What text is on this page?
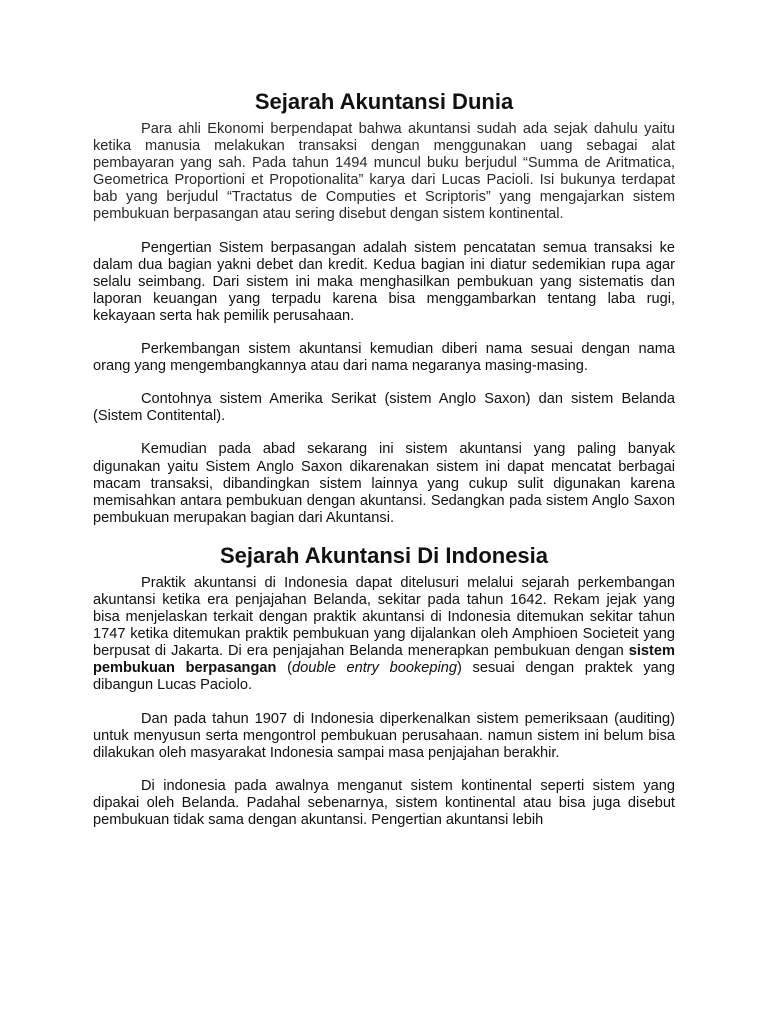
Sejarah Akuntansi Dunia

Para ahli Ekonomi berpendapat bahwa akuntansi sudah ada sejak dahulu yaitu ketika manusia melakukan transaksi dengan menggunakan uang sebagai alat pembayaran yang sah. Pada tahun 1494 muncul buku berjudul “Summa de Aritmatica, Geometrica Proportioni et Propotionalita” karya dari Lucas Pacioli. Isi bukunya terdapat bab yang berjudul “Tractatus de Computies et Scriptoris” yang mengajarkan sistem pembukuan berpasangan atau sering disebut dengan sistem kontinental.

Pengertian Sistem berpasangan adalah sistem pencatatan semua transaksi ke dalam dua bagian yakni debet dan kredit. Kedua bagian ini diatur sedemikian rupa agar selalu seimbang. Dari sistem ini maka menghasilkan pembukuan yang sistematis dan laporan keuangan yang terpadu karena bisa menggambarkan tentang laba rugi, kekayaan serta hak pemilik perusahaan.

Perkembangan sistem akuntansi kemudian diberi nama sesuai dengan nama orang yang mengembangkannya atau dari nama negaranya masing-masing.

Contohnya sistem Amerika Serikat (sistem Anglo Saxon) dan sistem Belanda (Sistem Contitental).

Kemudian pada abad sekarang ini sistem akuntansi yang paling banyak digunakan yaitu Sistem Anglo Saxon dikarenakan sistem ini dapat mencatat berbagai macam transaksi, dibandingkan sistem lainnya yang cukup sulit digunakan karena memisahkan antara pembukuan dengan akuntansi. Sedangkan pada sistem Anglo Saxon pembukuan merupakan bagian dari Akuntansi.

Sejarah Akuntansi Di Indonesia

Praktik akuntansi di Indonesia dapat ditelusuri melalui sejarah perkembangan akuntansi ketika era penjajahan Belanda, sekitar pada tahun 1642. Rekam jejak yang bisa menjelaskan terkait dengan praktik akuntansi di Indonesia ditemukan sekitar tahun 1747 ketika ditemukan praktik pembukuan yang dijalankan oleh Amphioen Societeit yang berpusat di Jakarta. Di era penjajahan Belanda menerapkan pembukuan dengan sistem pembukuan berpasangan (double entry bookeping) sesuai dengan praktek yang dibangun Lucas Paciolo.

Dan pada tahun 1907 di Indonesia diperkenalkan sistem pemeriksaan (auditing) untuk menyusun serta mengontrol pembukuan perusahaan. namun sistem ini belum bisa dilakukan oleh masyarakat Indonesia sampai masa penjajahan berakhir.

Di indonesia pada awalnya menganut sistem kontinental seperti sistem yang dipakai oleh Belanda. Padahal sebenarnya, sistem kontinental atau bisa juga disebut pembukuan tidak sama dengan akuntansi. Pengertian akuntansi lebih
